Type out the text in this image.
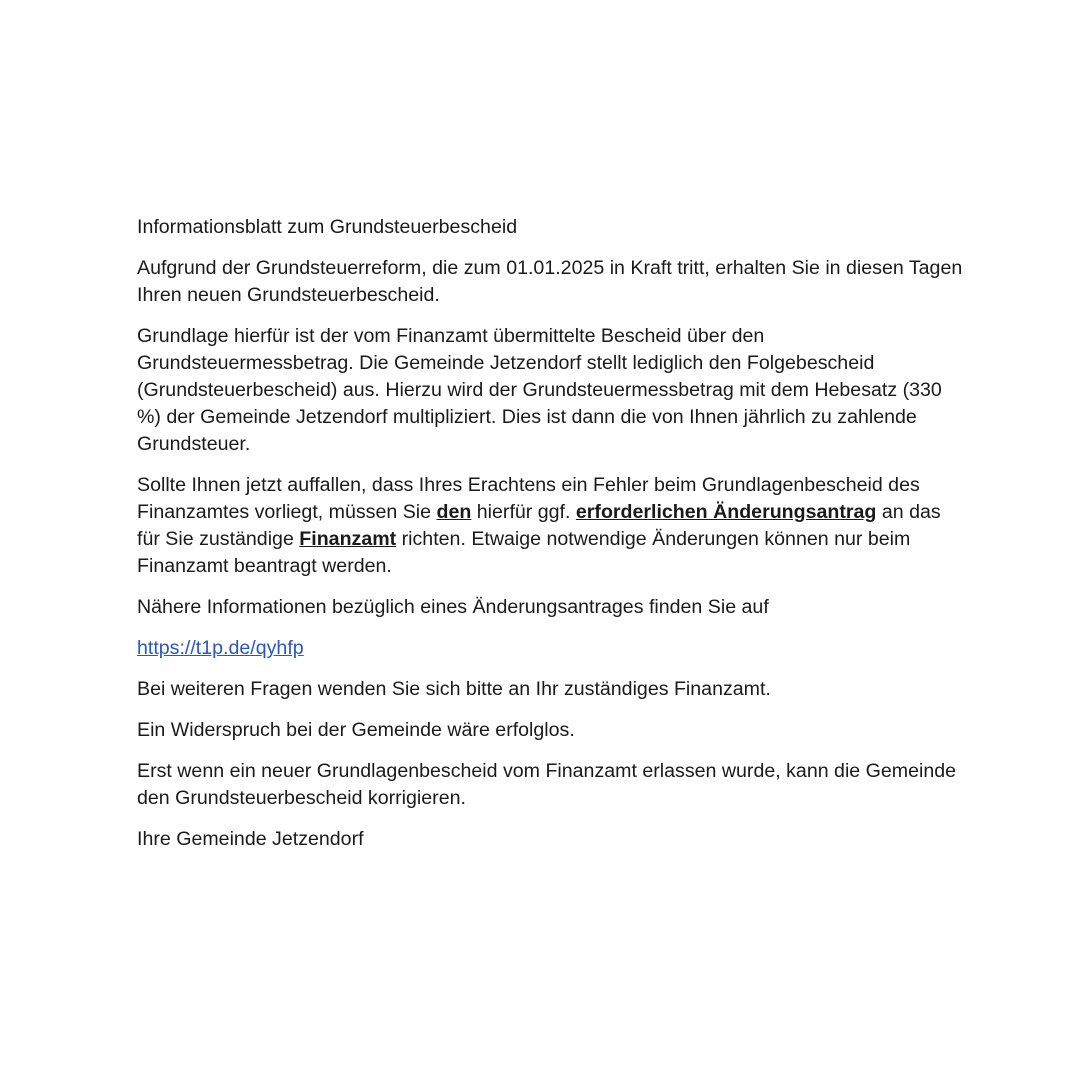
Informationsblatt zum Grundsteuerbescheid

Aufgrund der Grundsteuerreform, die zum 01.01.2025 in Kraft tritt, erhalten Sie in diesen Tagen Ihren neuen Grundsteuerbescheid.

Grundlage hierfür ist der vom Finanzamt übermittelte Bescheid über den Grundsteuermessbetrag. Die Gemeinde Jetzendorf stellt lediglich den Folgebescheid (Grundsteuerbescheid) aus. Hierzu wird der Grundsteuermessbetrag mit dem Hebesatz (330 %) der Gemeinde Jetzendorf multipliziert. Dies ist dann die von Ihnen jährlich zu zahlende Grundsteuer.

Sollte Ihnen jetzt auffallen, dass Ihres Erachtens ein Fehler beim Grundlagenbescheid des Finanzamtes vorliegt, müssen Sie den hierfür ggf. erforderlichen Änderungsantrag an das für Sie zuständige Finanzamt richten. Etwaige notwendige Änderungen können nur beim Finanzamt beantragt werden.

Nähere Informationen bezüglich eines Änderungsantrages finden Sie auf

https://t1p.de/qyhfp

Bei weiteren Fragen wenden Sie sich bitte an Ihr zuständiges Finanzamt.

Ein Widerspruch bei der Gemeinde wäre erfolglos.

Erst wenn ein neuer Grundlagenbescheid vom Finanzamt erlassen wurde, kann die Gemeinde den Grundsteuerbescheid korrigieren.

Ihre Gemeinde Jetzendorf
